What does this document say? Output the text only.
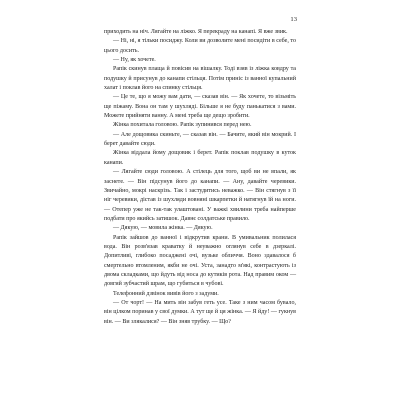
13

приходить на ніч. Лягайте на ліжко. Я перекраду на канапі. Я вже звик.

— Ні, ні, я тільки посиджу. Коли ви дозволите мені посидіти в себе, то цього досить.

— Ну, як хочете.

Рапік скинув плаща й повісив на вішалку. Тоді взяв із ліжка ковдру та подушку й присунув до канапи стільця. Потім приніс із ванної купальний халат і поклав його на спинку стільця.

— Це те, що я можу вам дати, — сказав він. — Як хочете, то візьміть ще піжаму. Вона он там у шухляді. Більше я не буду панькатися з вами. Можете прийняти ванну. А мені треба ще дещо зробити.

Жінка похитала головою. Рапік зупинився перед нею.

— Але дощовика скиньте, — сказав він. — Бачите, який він мокрий. І берет давайте сюди.

Жінка віддала йому дощовик і берет. Рапік поклав подушку в куток канапи.

— Лягайте сюди головою. А стілець для того, щоб ви не впали, як заснете. — Він підсунув його до канапи. — Ану, давайте черевики. Звичайно, мокрі наскрізь. Так і застудитись неважко. — Він стягнув з її ніг черевики, дістав із шухляди вовняні шкарпетки й натягнув їй на ноги. — Отепер уже не так-так улаштовані. У важкі хвилини треба найперше подбати про якийсь затишок. Давнє солдатське правило.

— Дякую, — мовила жінка. — Дякую.

Рапік зайшов до ванної і відкрутив крани. В умивальник полилася вода. Він розв'язав краватку й неуважно оглянув себе в дзеркалі. Допитливі, глибоко посаджені очі, вузьке обличчя. Воно здавалося б смертельно втомленим, якби не очі. Уста, занадто м'які, контрастують із двома складками, що йдуть від носа до кутиків рота. Над правим оком — довгий зубчастий шрам, що губиться в чубові.

Телефонний дзвінок вивів його з задуми.

— От чорт! — На мить він забув геть усе. Таке з ним часом бувало, він цілком поринав у свої думки. А тут ще й ця жінка. — Я йду! — гукнув він. — Ви злякалися? — Він зняв трубку. — Що?
